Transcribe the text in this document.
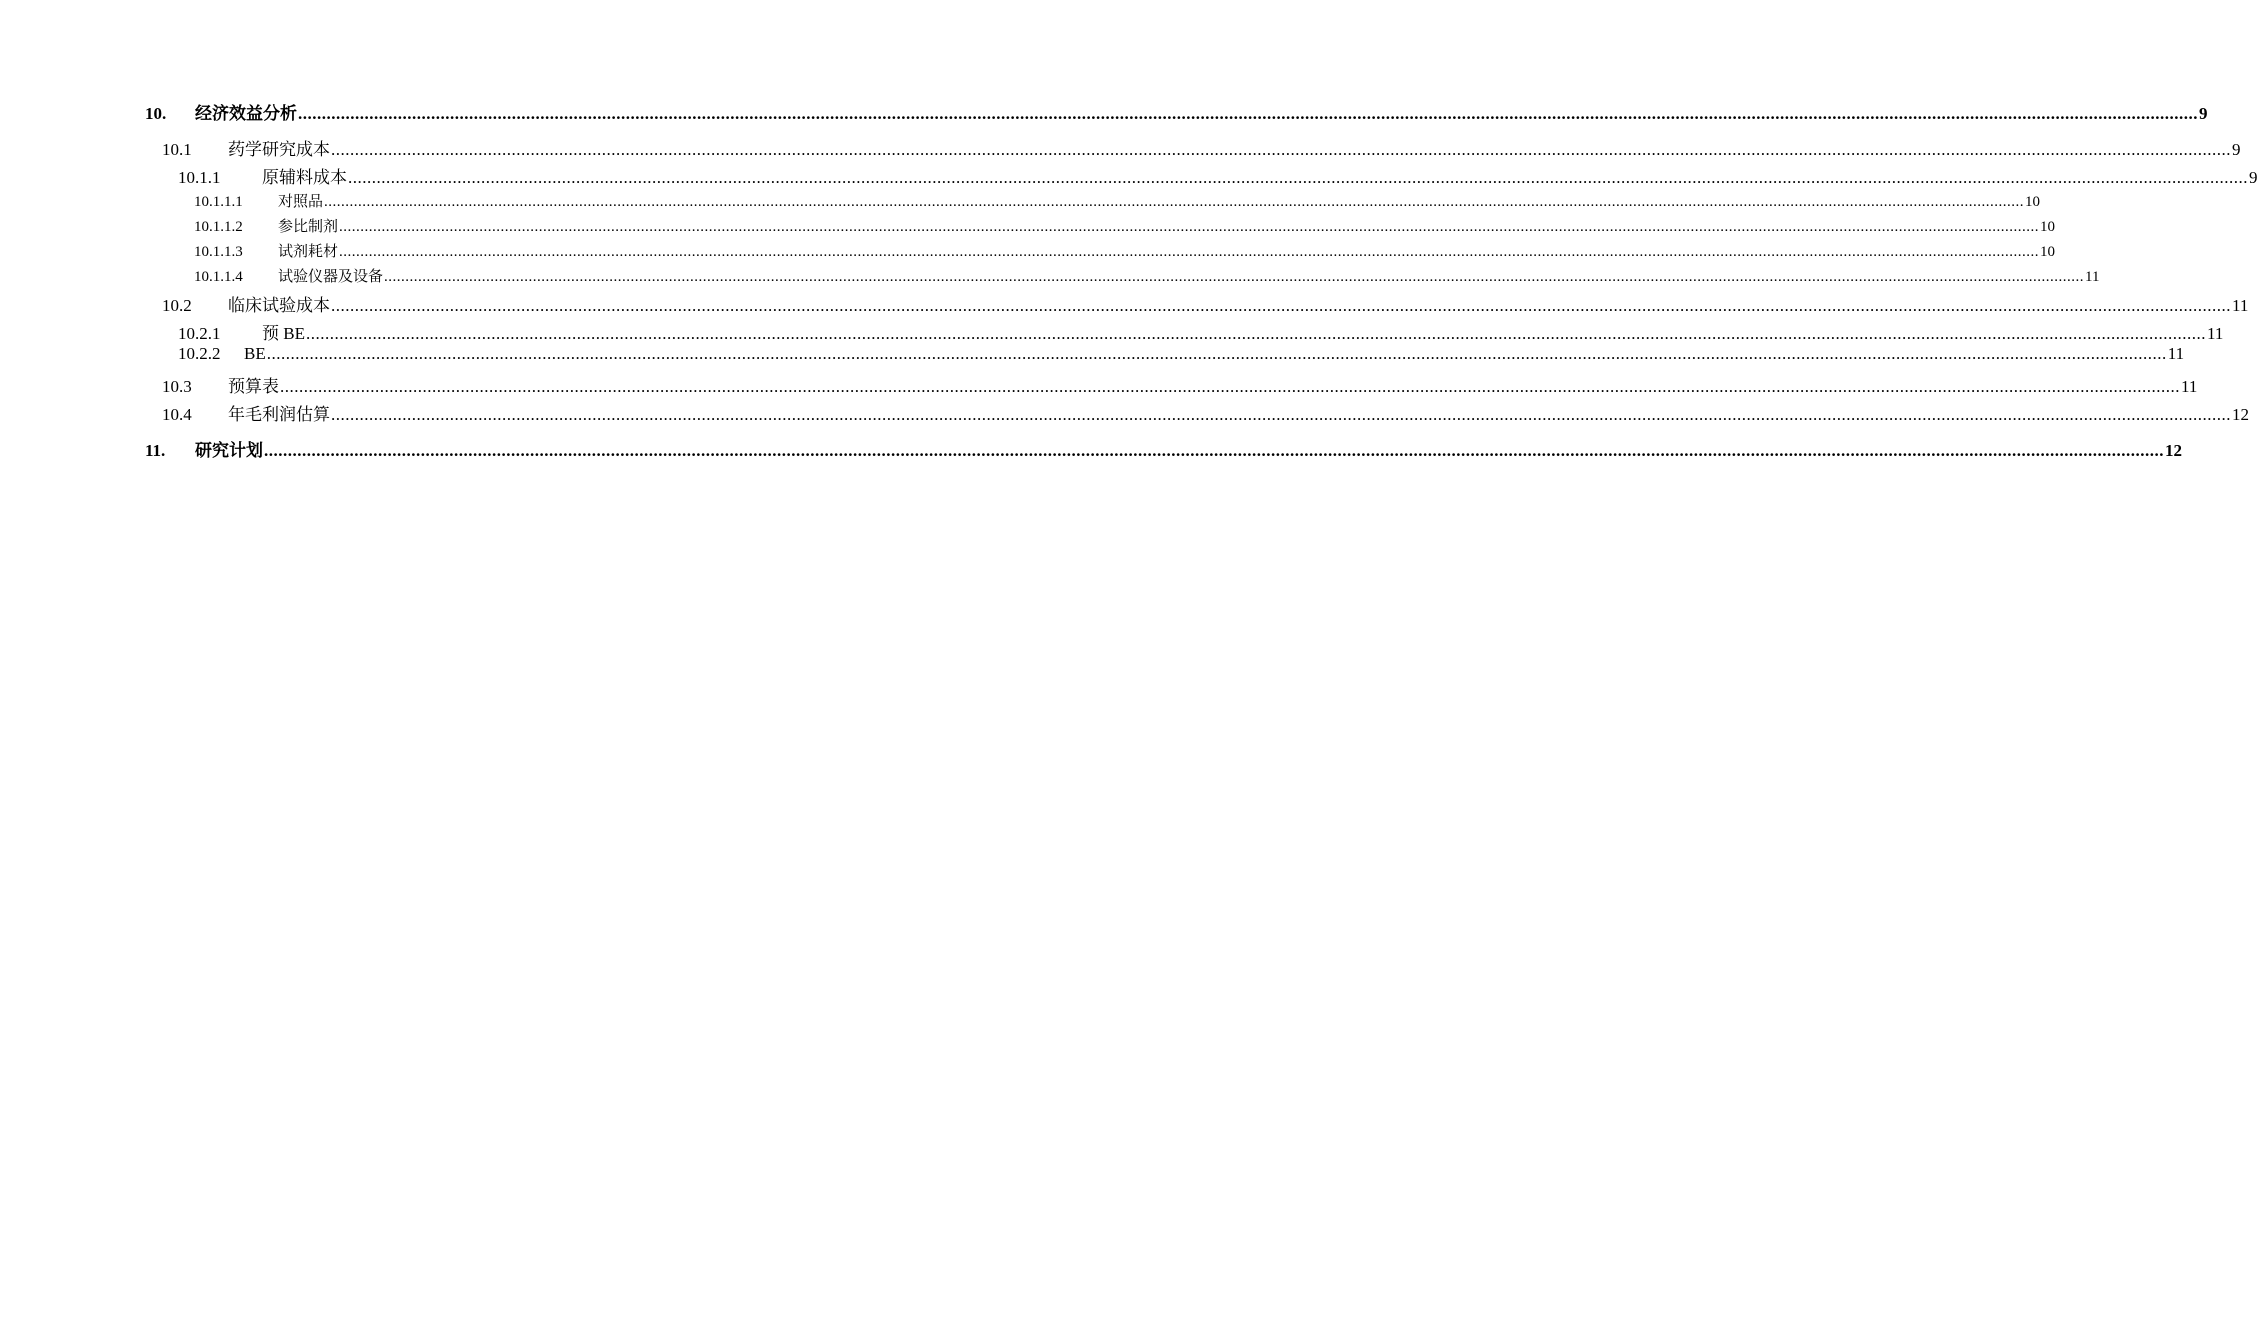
10.	经济效益分析 ................................................................................................................................................................................................................................................................................................................................................................................................................ 9
10.1	药学研究成本 ................................................................................................................................................................................................................................................................................................................................................................................................................ 9
10.1.1	原辅料成本 ................................................................................................................................................................................................................................................................................................................................................................................................................ 9
10.1.1.1	对照品 ................................................................................................................................................................................................................................................................................................................................................................................................................ 10
10.1.1.2	参比制剂 ................................................................................................................................................................................................................................................................................................................................................................................................................ 10
10.1.1.3	试剂耗材 ................................................................................................................................................................................................................................................................................................................................................................................................................ 10
10.1.1.4	试验仪器及设备 ................................................................................................................................................................................................................................................................................................................................................................................................................ 11
10.2	临床试验成本 ................................................................................................................................................................................................................................................................................................................................................................................................................ 11
10.2.1	预 BE ................................................................................................................................................................................................................................................................................................................................................................................................................ 11
10.2.2	BE ................................................................................................................................................................................................................................................................................................................................................................................................................ 11
10.3	预算表 ................................................................................................................................................................................................................................................................................................................................................................................................................ 11
10.4	年毛利润估算 ................................................................................................................................................................................................................................................................................................................................................................................................................ 12
11.	研究计划 ................................................................................................................................................................................................................................................................................................................................................................................................................ 12
